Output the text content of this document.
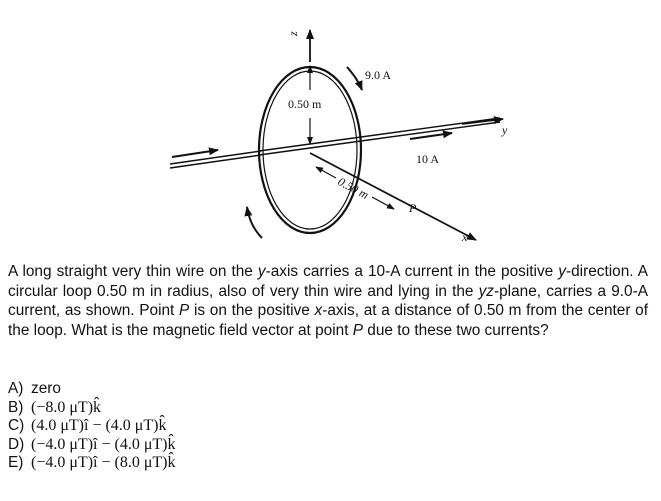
z
10 A
y
0.50 m
9.0 A
x
0.50 m
P

A long straight very thin wire on the y-axis carries a 10-A current in the positive y-direction. A circular loop 0.50 m in radius, also of very thin wire and lying in the yz-plane, carries a 9.0-A current, as shown. Point P is on the positive x-axis, at a distance of 0.50 m from the center of the loop. What is the magnetic field vector at point P due to these two currents?

A) zero
B) (−8.0 μT)k̂
C) (4.0 μT)î − (4.0 μT)k̂
D) (−4.0 μT)î − (4.0 μT)k̂
E) (−4.0 μT)î − (8.0 μT)k̂
